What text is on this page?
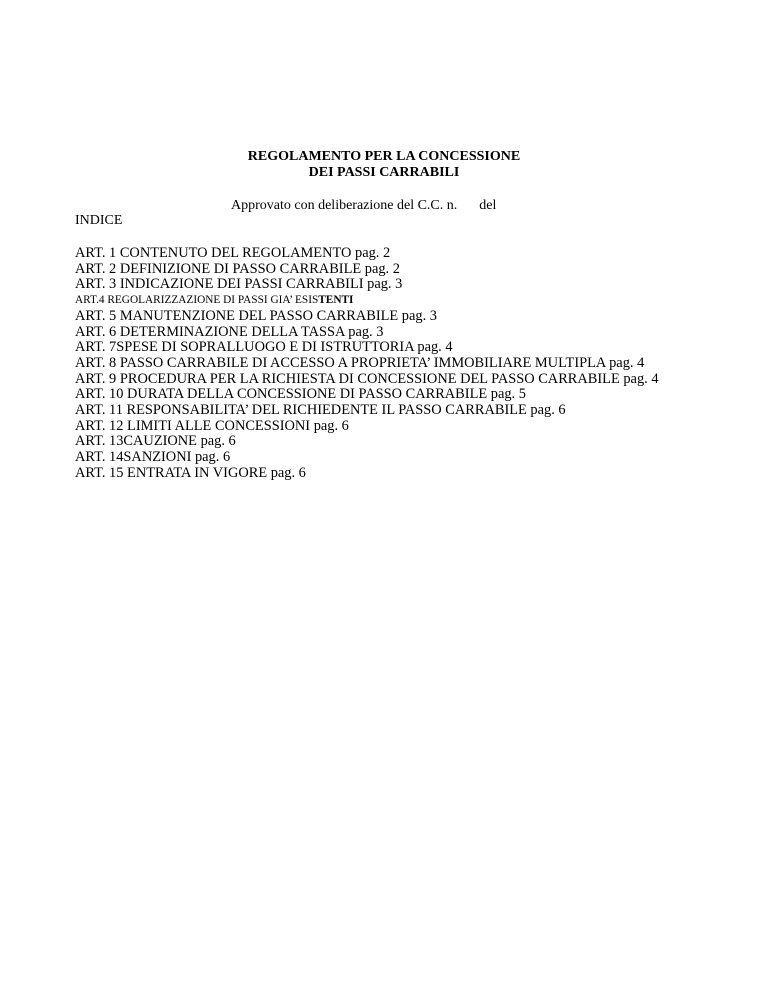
REGOLAMENTO PER LA CONCESSIONE
DEI PASSI CARRABILI
Approvato con deliberazione del C.C. n. del
INDICE
ART. 1 CONTENUTO DEL REGOLAMENTO pag. 2
ART. 2 DEFINIZIONE DI PASSO CARRABILE pag. 2
ART. 3 INDICAZIONE DEI PASSI CARRABILI pag. 3
ART.4 REGOLARIZZAZIONE DI PASSI GIA’ ESISTENTI
ART. 5 MANUTENZIONE DEL PASSO CARRABILE pag. 3
ART. 6 DETERMINAZIONE DELLA TASSA pag. 3
ART. 7SPESE DI SOPRALLUOGO E DI ISTRUTTORIA pag. 4
ART. 8 PASSO CARRABILE DI ACCESSO A PROPRIETA’ IMMOBILIARE MULTIPLA pag. 4
ART. 9 PROCEDURA PER LA RICHIESTA DI CONCESSIONE DEL PASSO CARRABILE pag. 4
ART. 10 DURATA DELLA CONCESSIONE DI PASSO CARRABILE pag. 5
ART. 11 RESPONSABILITA’ DEL RICHIEDENTE IL PASSO CARRABILE pag. 6
ART. 12 LIMITI ALLE CONCESSIONI pag. 6
ART. 13CAUZIONE pag. 6
ART. 14SANZIONI pag. 6
ART. 15 ENTRATA IN VIGORE pag. 6
